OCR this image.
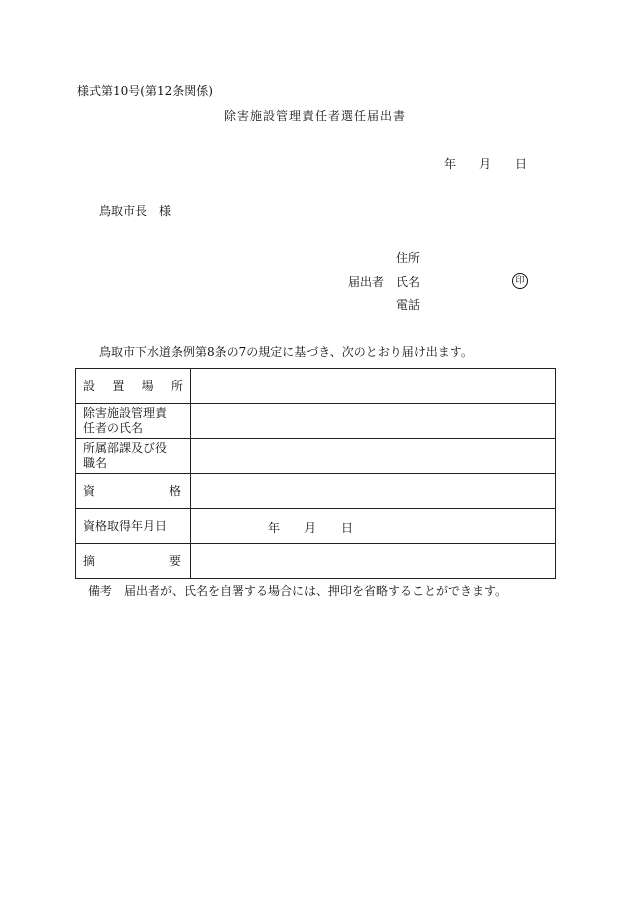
様式第10号(第12条関係)
除害施設管理責任者選任届出書
年 月 日
鳥取市長　様
住所
届出者 氏名	印
電話
鳥取市下水道条例第8条の7の規定に基づき、次のとおり届け出ます。
設 置 場 所	

除害施設管理責
任者の氏名	

所属部課及び役
職名	

資 格	

資格取得年月日	年 月 日

摘 要	

備考　届出者が、氏名を自署する場合には、押印を省略することができます。
